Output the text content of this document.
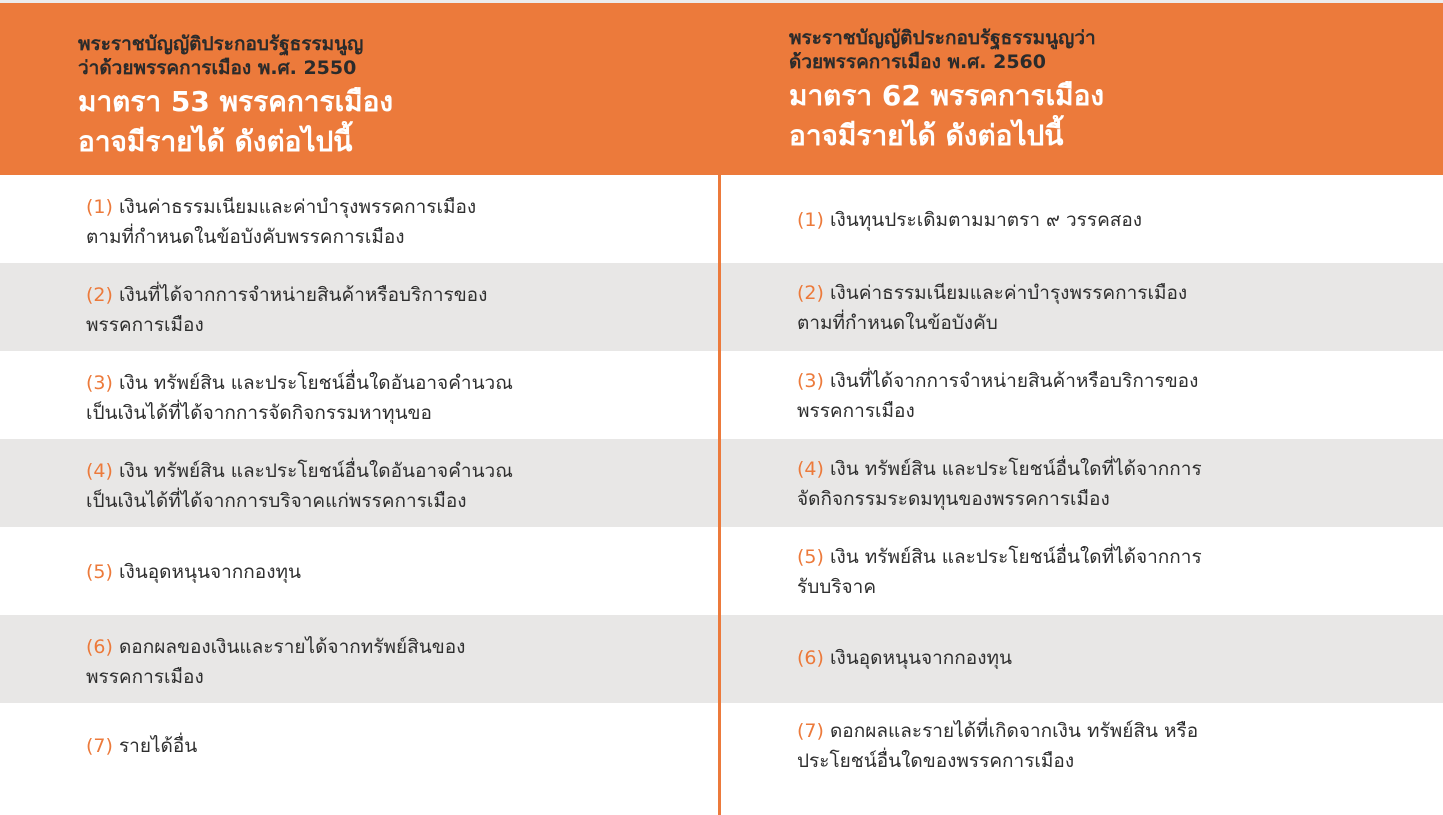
พระราชบัญญัติประกอบรัฐธรรมนูญ
ว่าด้วยพรรคการเมือง พ.ศ. 2550
มาตรา 53 พรรคการเมือง
อาจมีรายได้ ดังต่อไปนี้
พระราชบัญญัติประกอบรัฐธรรมนูญว่า
ด้วยพรรคการเมือง พ.ศ. 2560
มาตรา 62 พรรคการเมือง
อาจมีรายได้ ดังต่อไปนี้
(1) เงินค่าธรรมเนียมและค่าบำรุงพรรคการเมือง
ตามที่กำหนดในข้อบังคับพรรคการเมือง
(2) เงินที่ได้จากการจำหน่ายสินค้าหรือบริการของ
พรรคการเมือง
(3) เงิน ทรัพย์สิน และประโยชน์อื่นใดอันอาจคำนวณ
เป็นเงินได้ที่ได้จากการจัดกิจกรรมหาทุนขอ
(4) เงิน ทรัพย์สิน และประโยชน์อื่นใดอันอาจคำนวณ
เป็นเงินได้ที่ได้จากการบริจาคแก่พรรคการเมือง
(5) เงินอุดหนุนจากกองทุน
(6) ดอกผลของเงินและรายได้จากทรัพย์สินของ
พรรคการเมือง
(7) รายได้อื่น
(1) เงินทุนประเดิมตามมาตรา ๙ วรรคสอง
(2) เงินค่าธรรมเนียมและค่าบำรุงพรรคการเมือง
ตามที่กำหนดในข้อบังคับ
(3) เงินที่ได้จากการจำหน่ายสินค้าหรือบริการของ
พรรคการเมือง
(4) เงิน ทรัพย์สิน และประโยชน์อื่นใดที่ได้จากการ
จัดกิจกรรมระดมทุนของพรรคการเมือง
(5) เงิน ทรัพย์สิน และประโยชน์อื่นใดที่ได้จากการ
รับบริจาค
(6) เงินอุดหนุนจากกองทุน
(7) ดอกผลและรายได้ที่เกิดจากเงิน ทรัพย์สิน หรือ
ประโยชน์อื่นใดของพรรคการเมือง
